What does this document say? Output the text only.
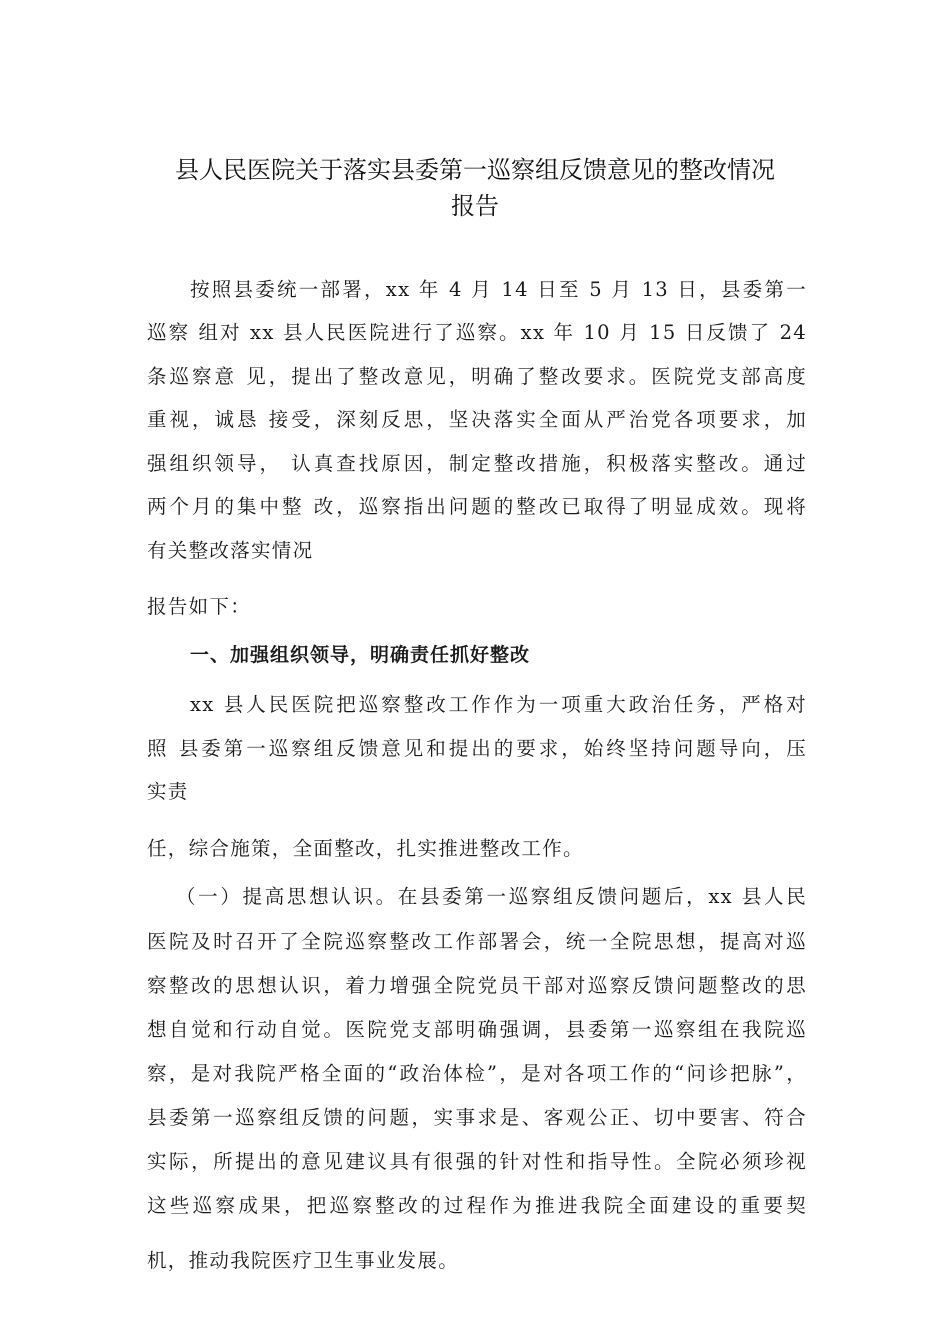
县人民医院关于落实县委第一巡察组反馈意见的整改情况
报告

按照县委统一部署，xx 年 4 月 14 日至 5 月 13 日，县委第一

巡察 组对 xx 县人民医院进行了巡察。xx 年 10 月 15 日反馈了 24

条巡察意 见，提出了整改意见，明确了整改要求。医院党支部高度

重视，诚恳 接受，深刻反思，坚决落实全面从严治党各项要求，加

强组织领导， 认真查找原因，制定整改措施，积极落实整改。通过

两个月的集中整 改，巡察指出问题的整改已取得了明显成效。现将

有关整改落实情况

报告如下：

一、加强组织领导，明确责任抓好整改

xx 县人民医院把巡察整改工作作为一项重大政治任务，严格对

照 县委第一巡察组反馈意见和提出的要求，始终坚持问题导向，压

实责

任，综合施策，全面整改，扎实推进整改工作。

（一）提高思想认识。在县委第一巡察组反馈问题后，xx 县人民

医院及时召开了全院巡察整改工作部署会，统一全院思想，提高对巡

察整改的思想认识，着力增强全院党员干部对巡察反馈问题整改的思

想自觉和行动自觉。医院党支部明确强调，县委第一巡察组在我院巡

察，是对我院严格全面的“政治体检”，是对各项工作的“问诊把脉”，

县委第一巡察组反馈的问题，实事求是、客观公正、切中要害、符合

实际，所提出的意见建议具有很强的针对性和指导性。全院必须珍视

这些巡察成果，把巡察整改的过程作为推进我院全面建设的重要契

机，推动我院医疗卫生事业发展。
